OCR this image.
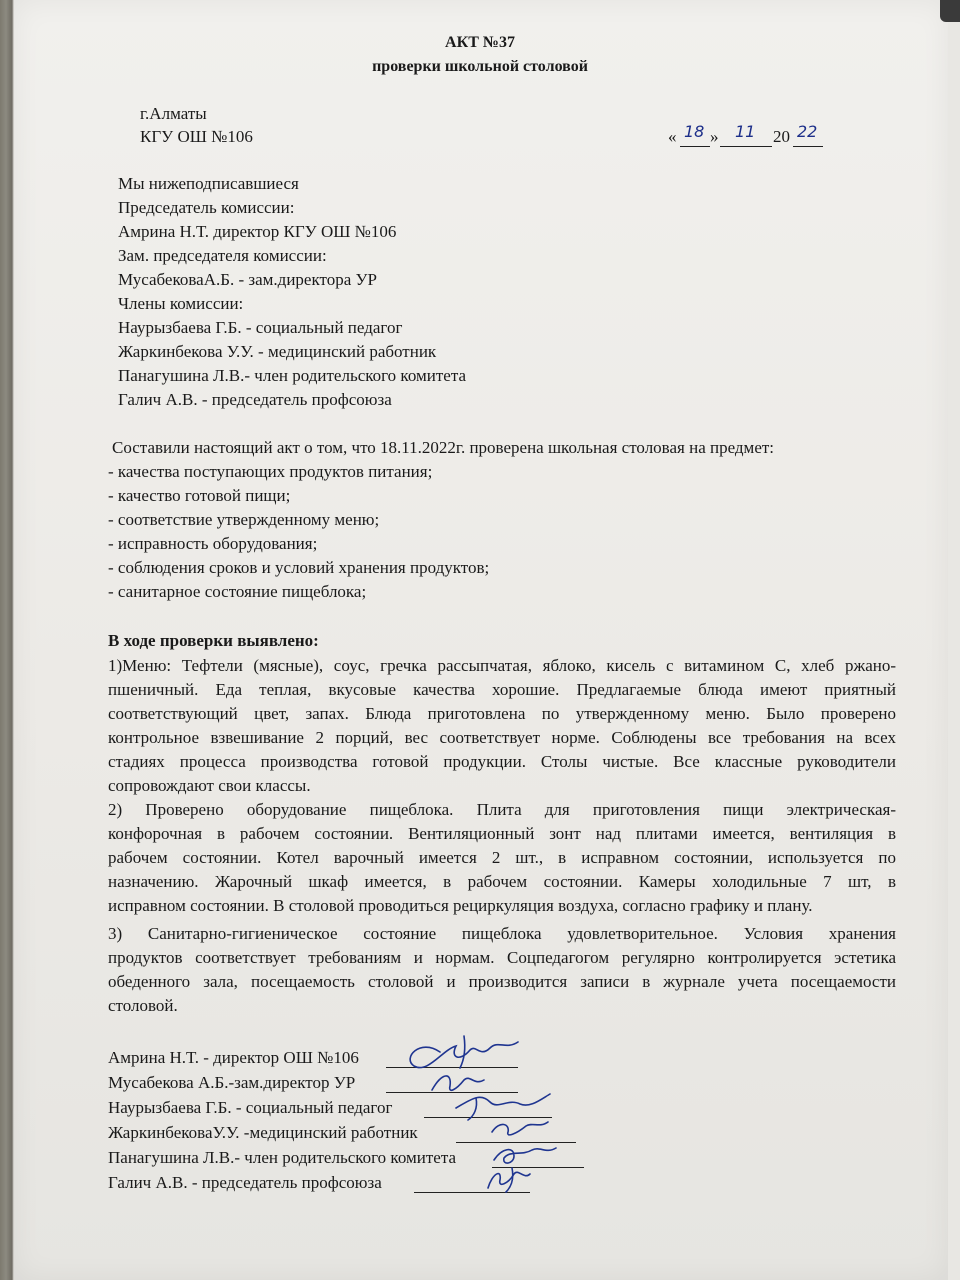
АКТ №37
проверки школьной столовой
г.Алматы
КГУ ОШ №106	« 18 » 11 20 22
Мы нижеподписавшиеся
Председатель комиссии:
Амрина Н.Т. директор КГУ ОШ №106
Зам. председателя комиссии:
МусабековаА.Б. - зам.директора УР
Члены комиссии:
Наурызбаева Г.Б. - социальный педагог
Жаркинбекова У.У. - медицинский работник
Панагушина Л.В.- член родительского комитета
Галич А.В. - председатель профсоюза
Составили настоящий акт о том, что 18.11.2022г. проверена школьная столовая на предмет:
- качества поступающих продуктов питания;
- качество готовой пищи;
- соответствие утвержденному меню;
- исправность оборудования;
- соблюдения сроков и условий хранения продуктов;
- санитарное состояние пищеблока;
В ходе проверки выявлено:
1)Меню: Тефтели (мясные), соус, гречка рассыпчатая, яблоко, кисель с витамином С, хлеб ржано-
пшеничный. Еда теплая, вкусовые качества хорошие. Предлагаемые блюда имеют приятный
соответствующий цвет, запах. Блюда приготовлена по утвержденному меню. Было проверено
контрольное взвешивание 2 порций, вес соответствует норме. Соблюдены все требования на всех
стадиях процесса производства готовой продукции. Столы чистые. Все классные руководители
сопровождают свои классы.
2) Проверено оборудование пищеблока. Плита для приготовления пищи электрическая-
конфорочная в рабочем состоянии. Вентиляционный зонт над плитами имеется, вентиляция в
рабочем состоянии. Котел варочный имеется 2 шт., в исправном состоянии, используется по
назначению. Жарочный шкаф имеется, в рабочем состоянии. Камеры холодильные 7 шт, в
исправном состоянии. В столовой проводиться рециркуляция воздуха, согласно графику и плану.
3) Санитарно-гигиеническое состояние пищеблока удовлетворительное. Условия хранения
продуктов соответствует требованиям и нормам. Соцпедагогом регулярно контролируется эстетика
обеденного зала, посещаемость столовой и производится записи в журнале учета посещаемости
столовой.
Амрина Н.Т. - директор ОШ №106
Мусабекова А.Б.-зам.директор УР
Наурызбаева Г.Б. - социальный педагог
ЖаркинбековаУ.У. -медицинский работник
Панагушина Л.В.- член родительского комитета
Галич А.В. - председатель профсоюза
